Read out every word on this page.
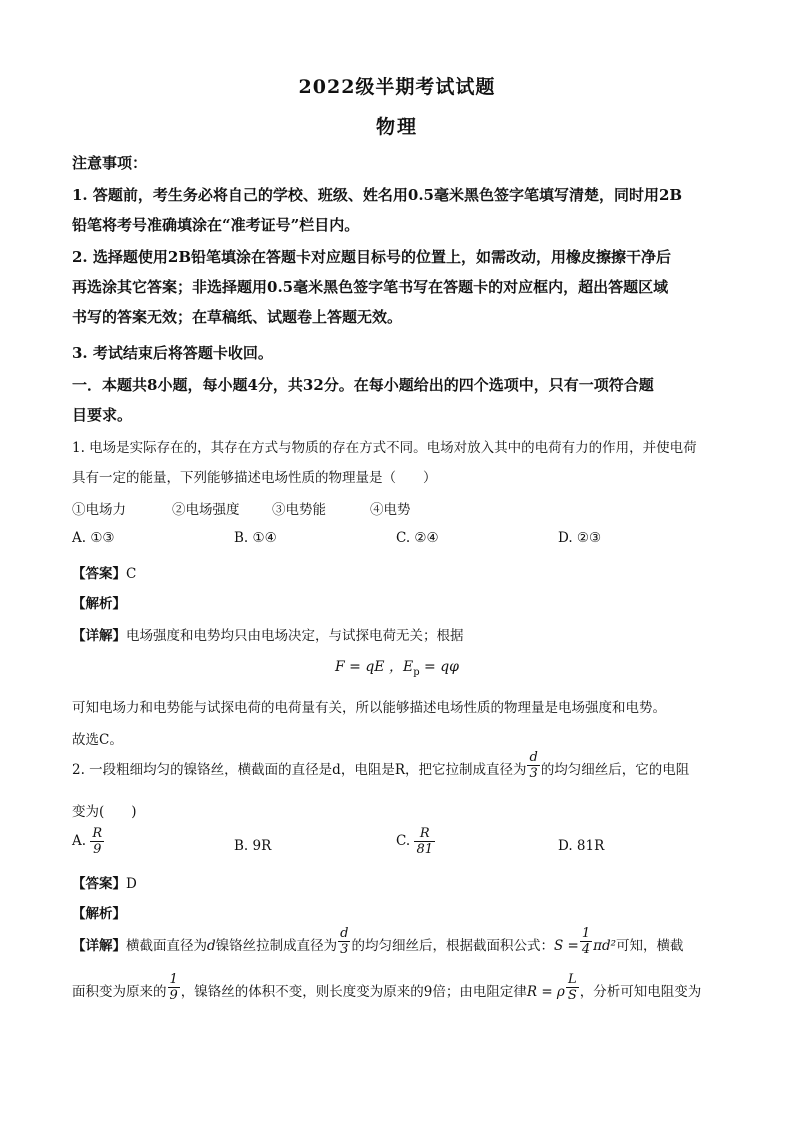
2022级半期考试试题
物理
注意事项：
1. 答题前，考生务必将自己的学校、班级、姓名用0.5毫米黑色签字笔填写清楚，同时用2B
铅笔将考号准确填涂在“准考证号”栏目内。
2. 选择题使用2B铅笔填涂在答题卡对应题目标号的位置上，如需改动，用橡皮擦擦干净后
再选涂其它答案；非选择题用0.5毫米黑色签字笔书写在答题卡的对应框内，超出答题区域
书写的答案无效；在草稿纸、试题卷上答题无效。
3. 考试结束后将答题卡收回。
一．本题共8小题，每小题4分，共32分。在每小题给出的四个选项中，只有一项符合题
目要求。
1. 电场是实际存在的，其存在方式与物质的存在方式不同。电场对放入其中的电荷有力的作用，并使电荷
具有一定的能量，下列能够描述电场性质的物理量是（　　）
①电场力	②电场强度 ③电势能	④电势
A. ①③	B. ①④	C. ②④	D. ②③
【答案】C
【解析】
【详解】电场强度和电势均只由电场决定，与试探电荷无关；根据
F = qE ，$E_p = q\varphi$
可知电场力和电势能与试探电荷的电荷量有关，所以能够描述电场性质的物理量是电场强度和电势。
故选C。
2. 一段粗细均匀的镍铬丝，横截面的直径是d，电阻是R，把它拉制成直径为 $\frac{d}{3}$ 的均匀细丝后，它的电阻
变为(　　)
A. $\frac{R}{9}$	B. 9R	C. $\frac{R}{81}$	D. 81R
【答案】D
【解析】
【详解】横截面直径为d镍铬丝拉制成直径为 $\frac{d}{3}$ 的均匀细丝后，根据截面积公式：$S = \frac{1}{4} \pi d^2$可知，横截
面积变为原来的 $\frac{1}{9}$ ，镍铬丝的体积不变，则长度变为原来的9倍；由电阻定律R = ρ $\frac{L}{S}$ ，分析可知电阻变为
